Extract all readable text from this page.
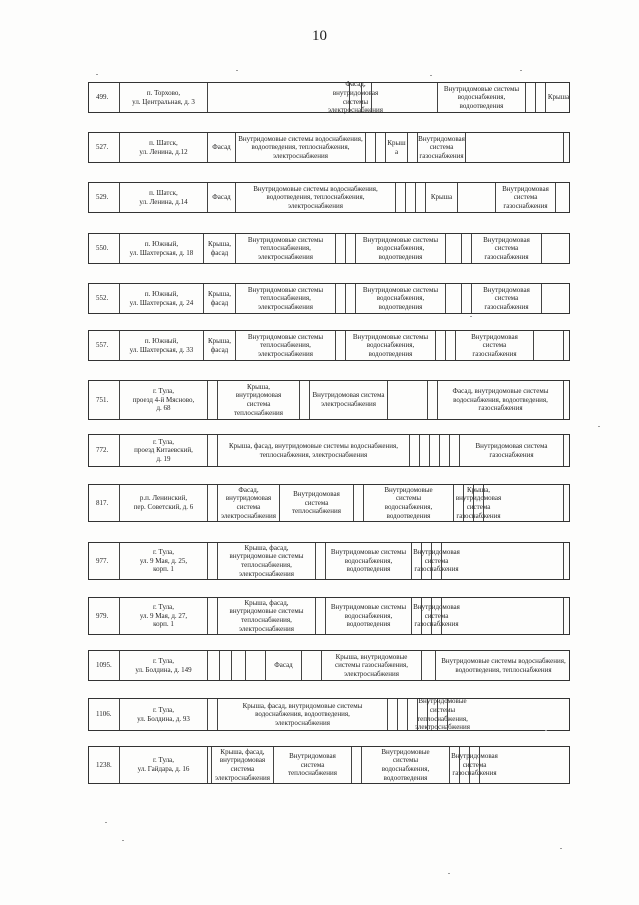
10
499.
п. Торхово,
ул. Центральная, д. 3
Фасад, внутридомовая системы
электроснабжения
Внутридомовые системы
водоснабжения, водоотведения
Крыша
527.
п. Шатск,
ул. Ленина, д.12
Фасад
Внутридомовые системы водоснабжения,
водоотведения, теплоснабжения,
электроснабжения
Крыш
а
Внутридомовая система
газоснабжения
529.
п. Шатск,
ул. Ленина, д.14
Фасад
Внутридомовые системы водоснабжения,
водоотведения, теплоснабжения,
электроснабжения
Крыша
Внутридомовая система
газоснабжения
550.
п. Южный,
ул. Шахтерская, д. 18
Крыша,
фасад
Внутридомовые системы
теплоснабжения,
электроснабжения
Внутридомовые системы
водоснабжения,
водоотведения
Внутридомовая
система
газоснабжения
552.
п. Южный,
ул. Шахтерская, д. 24
Крыша,
фасад
Внутридомовые системы
теплоснабжения,
электроснабжения
Внутридомовые системы
водоснабжения,
водоотведения
Внутридомовая
система
газоснабжения
557.
п. Южный,
ул. Шахтерская, д. 33
Крыша,
фасад
Внутридомовые системы
теплоснабжения,
электроснабжения
Внутридомовые системы
водоснабжения,
водоотведения
Внутридомовая
система
газоснабжения
751.
г. Тула,
проезд 4-й Мясново,
д. 68
Крыша,
внутридомовая
система
теплоснабжения
Внутридомовая система
электроснабжения
Фасад, внутридомовые системы
водоснабжения, водоотведения,
газоснабжения
772.
г. Тула,
проезд Китаевский,
д. 19
Крыша, фасад, внутридомовые системы водоснабжения,
теплоснабжения, электроснабжения
Внутридомовая система
газоснабжения
817.
р.п. Ленинский,
пер. Советский, д. 6
Фасад,
внутридомовая
система
электроснабжения
Внутридомовая
система
теплоснабжения
Внутридомовые
системы
водоснабжения,
водоотведения
Крыша,
внутридомовая
система
газоснабжения
977.
г. Тула,
ул. 9 Мая, д. 25,
корп. 1
Крыша, фасад,
внутридомовые системы
теплоснабжения,
электроснабжения
Внутридомовые системы
водоснабжения,
водоотведения
Внутридомовая
система газоснабжения
979.
г. Тула,
ул. 9 Мая, д. 27,
корп. 1
Крыша, фасад,
внутридомовые системы
теплоснабжения,
электроснабжения
Внутридомовые системы
водоснабжения,
водоотведения
Внутридомовая
система газоснабжения
1095.
г. Тула,
ул. Болдина, д. 149
Фасад
Крыша, внутридомовые
системы газоснабжения,
электроснабжения
Внутридомовые системы водоснабжения,
водоотведения, теплоснабжения
1106.
г. Тула,
ул. Болдина, д. 93
Крыша, фасад, внутридомовые системы
водоснабжения, водоотведения,
электроснабжения
Внутридомовые системы
теплоснабжения, электроснабжения
1238.
г. Тула,
ул. Гайдара, д. 16
Крыша, фасад,
внутридомовая
система
электроснабжения
Внутридомовая
система
теплоснабжения
Внутридомовые
системы
водоснабжения,
водоотведения
Внутридомовая
система
газоснабжения
